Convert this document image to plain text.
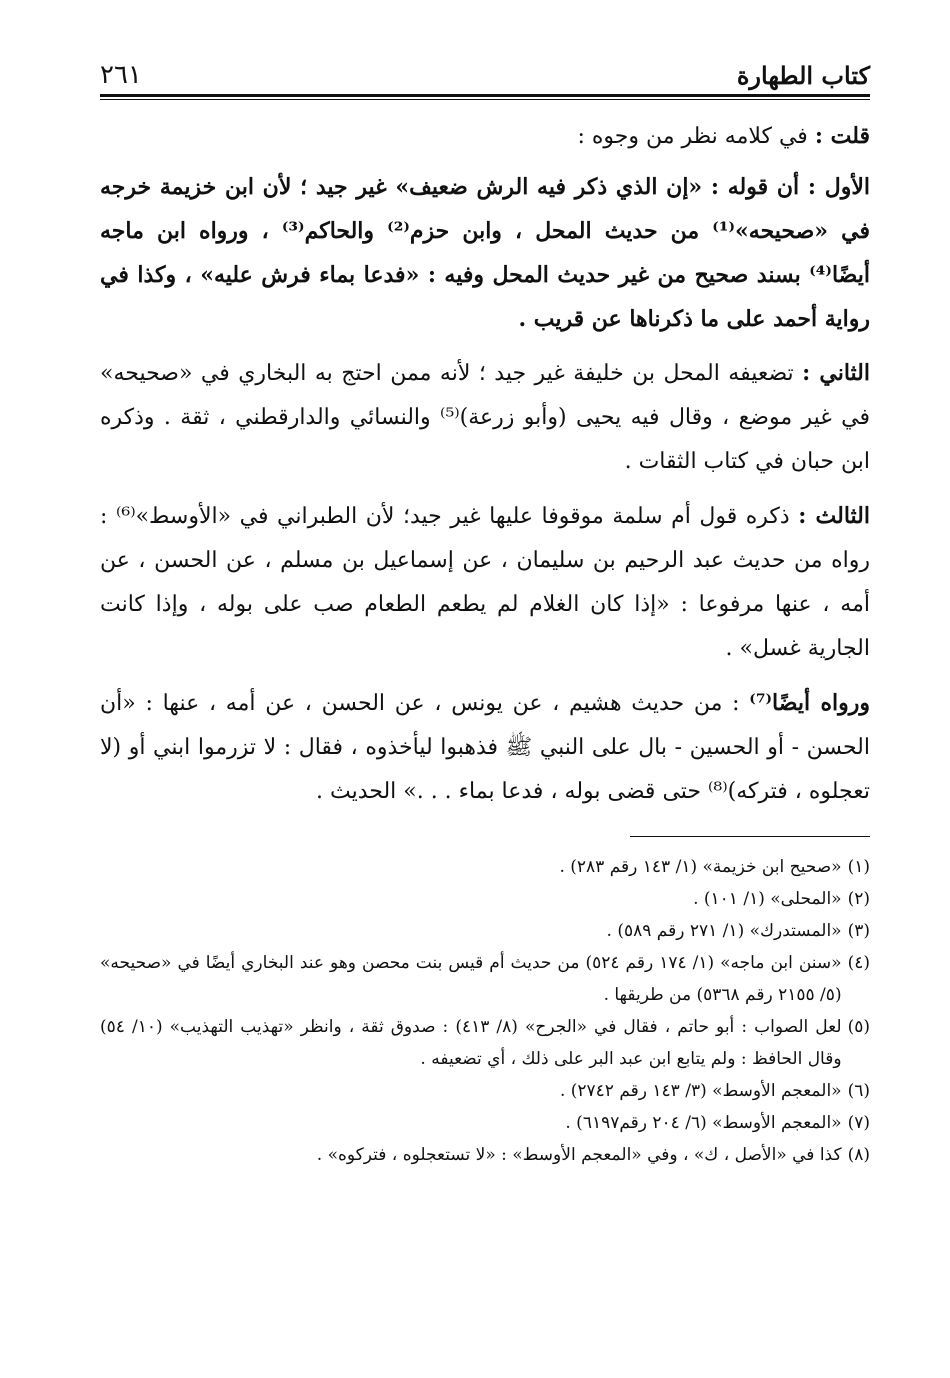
كتاب الطهارة
٢٦١

قلت : في كلامه نظر من وجوه :

الأول : أن قوله : «إن الذي ذكر فيه الرش ضعيف» غير جيد ؛ لأن ابن خزيمة خرجه في «صحيحه»⁽¹⁾ من حديث المحل ، وابن حزم⁽²⁾ والحاكم⁽³⁾ ، ورواه ابن ماجه أيضًا⁽⁴⁾ بسند صحيح من غير حديث المحل وفيه : «فدعا بماء فرش عليه» ، وكذا في رواية أحمد على ما ذكرناها عن قريب .

الثاني : تضعيفه المحل بن خليفة غير جيد ؛ لأنه ممن احتج به البخاري في «صحيحه» في غير موضع ، وقال فيه يحيى (وأبو زرعة)⁽⁵⁾ والنسائي والدارقطني ، ثقة . وذكره ابن حبان في كتاب الثقات .

الثالث : ذكره قول أم سلمة موقوفا عليها غير جيد؛ لأن الطبراني في «الأوسط»⁽⁶⁾ : رواه من حديث عبد الرحيم بن سليمان ، عن إسماعيل بن مسلم ، عن الحسن ، عن أمه ، عنها مرفوعا : «إذا كان الغلام لم يطعم الطعام صب على بوله ، وإذا كانت الجارية غسل» .

ورواه أيضًا⁽⁷⁾ : من حديث هشيم ، عن يونس ، عن الحسن ، عن أمه ، عنها : «أن الحسن - أو الحسين - بال على النبي ﷺ فذهبوا ليأخذوه ، فقال : لا تزرموا ابني أو (لا تعجلوه ، فتركه)⁽⁸⁾ حتى قضى بوله ، فدعا بماء . . .» الحديث .

(١)
«صحيح ابن خزيمة» (١/ ١٤٣ رقم ٢٨٣) .
(٢)
«المحلى» (١/ ١٠١) .
(٣)
«المستدرك» (١/ ٢٧١ رقم ٥٨٩) .
(٤)
«سنن ابن ماجه» (١/ ١٧٤ رقم ٥٢٤) من حديث أم قيس بنت محصن وهو عند البخاري أيضًا في «صحيحه» (٥/ ٢١٥٥ رقم ٥٣٦٨) من طريقها .
(٥)
لعل الصواب : أبو حاتم ، فقال في «الجرح» (٨/ ٤١٣) : صدوق ثقة ، وانظر «تهذيب التهذيب» (١٠/ ٥٤) وقال الحافظ : ولم يتابع ابن عبد البر على ذلك ، أي تضعيفه .
(٦)
«المعجم الأوسط» (٣/ ١٤٣ رقم ٢٧٤٢) .
(٧)
«المعجم الأوسط» (٦/ ٢٠٤ رقم٦١٩٧) .
(٨)
كذا في «الأصل ، ك» ، وفي «المعجم الأوسط» : «لا تستعجلوه ، فتركوه» .
